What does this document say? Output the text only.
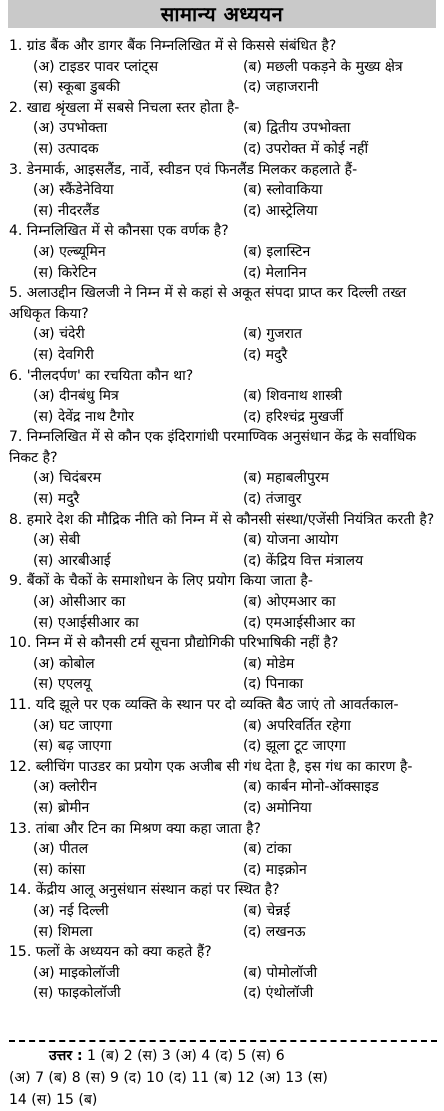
सामान्य अध्ययन
1. ग्रांड बैंक और डागर बैंक निम्नलिखित में से किससे संबंधित है?
(अ) टाइडर पावर प्लांट्स	(ब) मछली पकड़ने के मुख्य क्षेत्र
(स) स्कूबा डुबकी	(द) जहाजरानी
2. खाद्य श्रृंखला में सबसे निचला स्तर होता है-
(अ) उपभोक्ता	(ब) द्वितीय उपभोक्ता
(स) उत्पादक	(द) उपरोक्त में कोई नहीं
3. डेनमार्क, आइसलैंड, नार्वे, स्वीडन एवं फिनलैंड मिलकर कहलाते हैं-
(अ) स्कैंडेनेविया	(ब) स्लोवाकिया
(स) नीदरलैंड	(द) आस्ट्रेलिया
4. निम्नलिखित में से कौनसा एक वर्णक है?
(अ) एल्ब्यूमिन	(ब) इलास्टिन
(स) किरेटिन	(द) मेलानिन
5. अलाउद्दीन खिलजी ने निम्न में से कहां से अकूत संपदा प्राप्त कर दिल्ली तख्त अधिकृत किया?
(अ) चंदेरी	(ब) गुजरात
(स) देवगिरी	(द) मदुरै
6. 'नीलदर्पण' का रचयिता कौन था?
(अ) दीनबंधु मित्र	(ब) शिवनाथ शास्त्री
(स) देवेंद्र नाथ टैगोर	(द) हरिश्चंद्र मुखर्जी
7. निम्नलिखित में से कौन एक इंदिरागांधी परमाण्विक अनुसंधान केंद्र के सर्वाधिक निकट है?
(अ) चिदंबरम	(ब) महाबलीपुरम
(स) मदुरै	(द) तंजावुर
8. हमारे देश की मौद्रिक नीति को निम्न में से कौनसी संस्था/एजेंसी नियंत्रित करती है?
(अ) सेबी	(ब) योजना आयोग
(स) आरबीआई	(द) केंद्रिय वित्त मंत्रालय
9. बैंकों के चैकों के समाशोधन के लिए प्रयोग किया जाता है-
(अ) ओसीआर का	(ब) ओएमआर का
(स) एआईसीआर का	(द) एमआईसीआर का
10. निम्न में से कौनसी टर्म सूचना प्रौद्योगिकी परिभाषिकी नहीं है?
(अ) कोबोल	(ब) मोडेम
(स) एएलयू	(द) पिनाका
11. यदि झूले पर एक व्यक्ति के स्थान पर दो व्यक्ति बैठ जाएं तो आवर्तकाल-
(अ) घट जाएगा	(ब) अपरिवर्तित रहेगा
(स) बढ़ जाएगा	(द) झूला टूट जाएगा
12. ब्लीचिंग पाउडर का प्रयोग एक अजीब सी गंध देता है, इस गंध का कारण है-
(अ) क्लोरीन	(ब) कार्बन मोनो-ऑक्साइड
(स) ब्रोमीन	(द) अमोनिया
13. तांबा और टिन का मिश्रण क्या कहा जाता है?
(अ) पीतल	(ब) टांका
(स) कांसा	(द) माइक्रोन
14. केंद्रीय आलू अनुसंधान संस्थान कहां पर स्थित है?
(अ) नई दिल्ली	(ब) चेन्नई
(स) शिमला	(द) लखनऊ
15. फलों के अध्ययन को क्या कहते हैं?
(अ) माइकोलॉजी	(ब) पोमोलॉजी
(स) फाइकोलॉजी	(द) एंथोलॉजी
उत्तर : 1 (ब) 2 (स) 3 (अ) 4 (द) 5 (स) 6
(अ) 7 (ब) 8 (स) 9 (द) 10 (द) 11 (ब) 12 (अ) 13 (स)
14 (स) 15 (ब)
